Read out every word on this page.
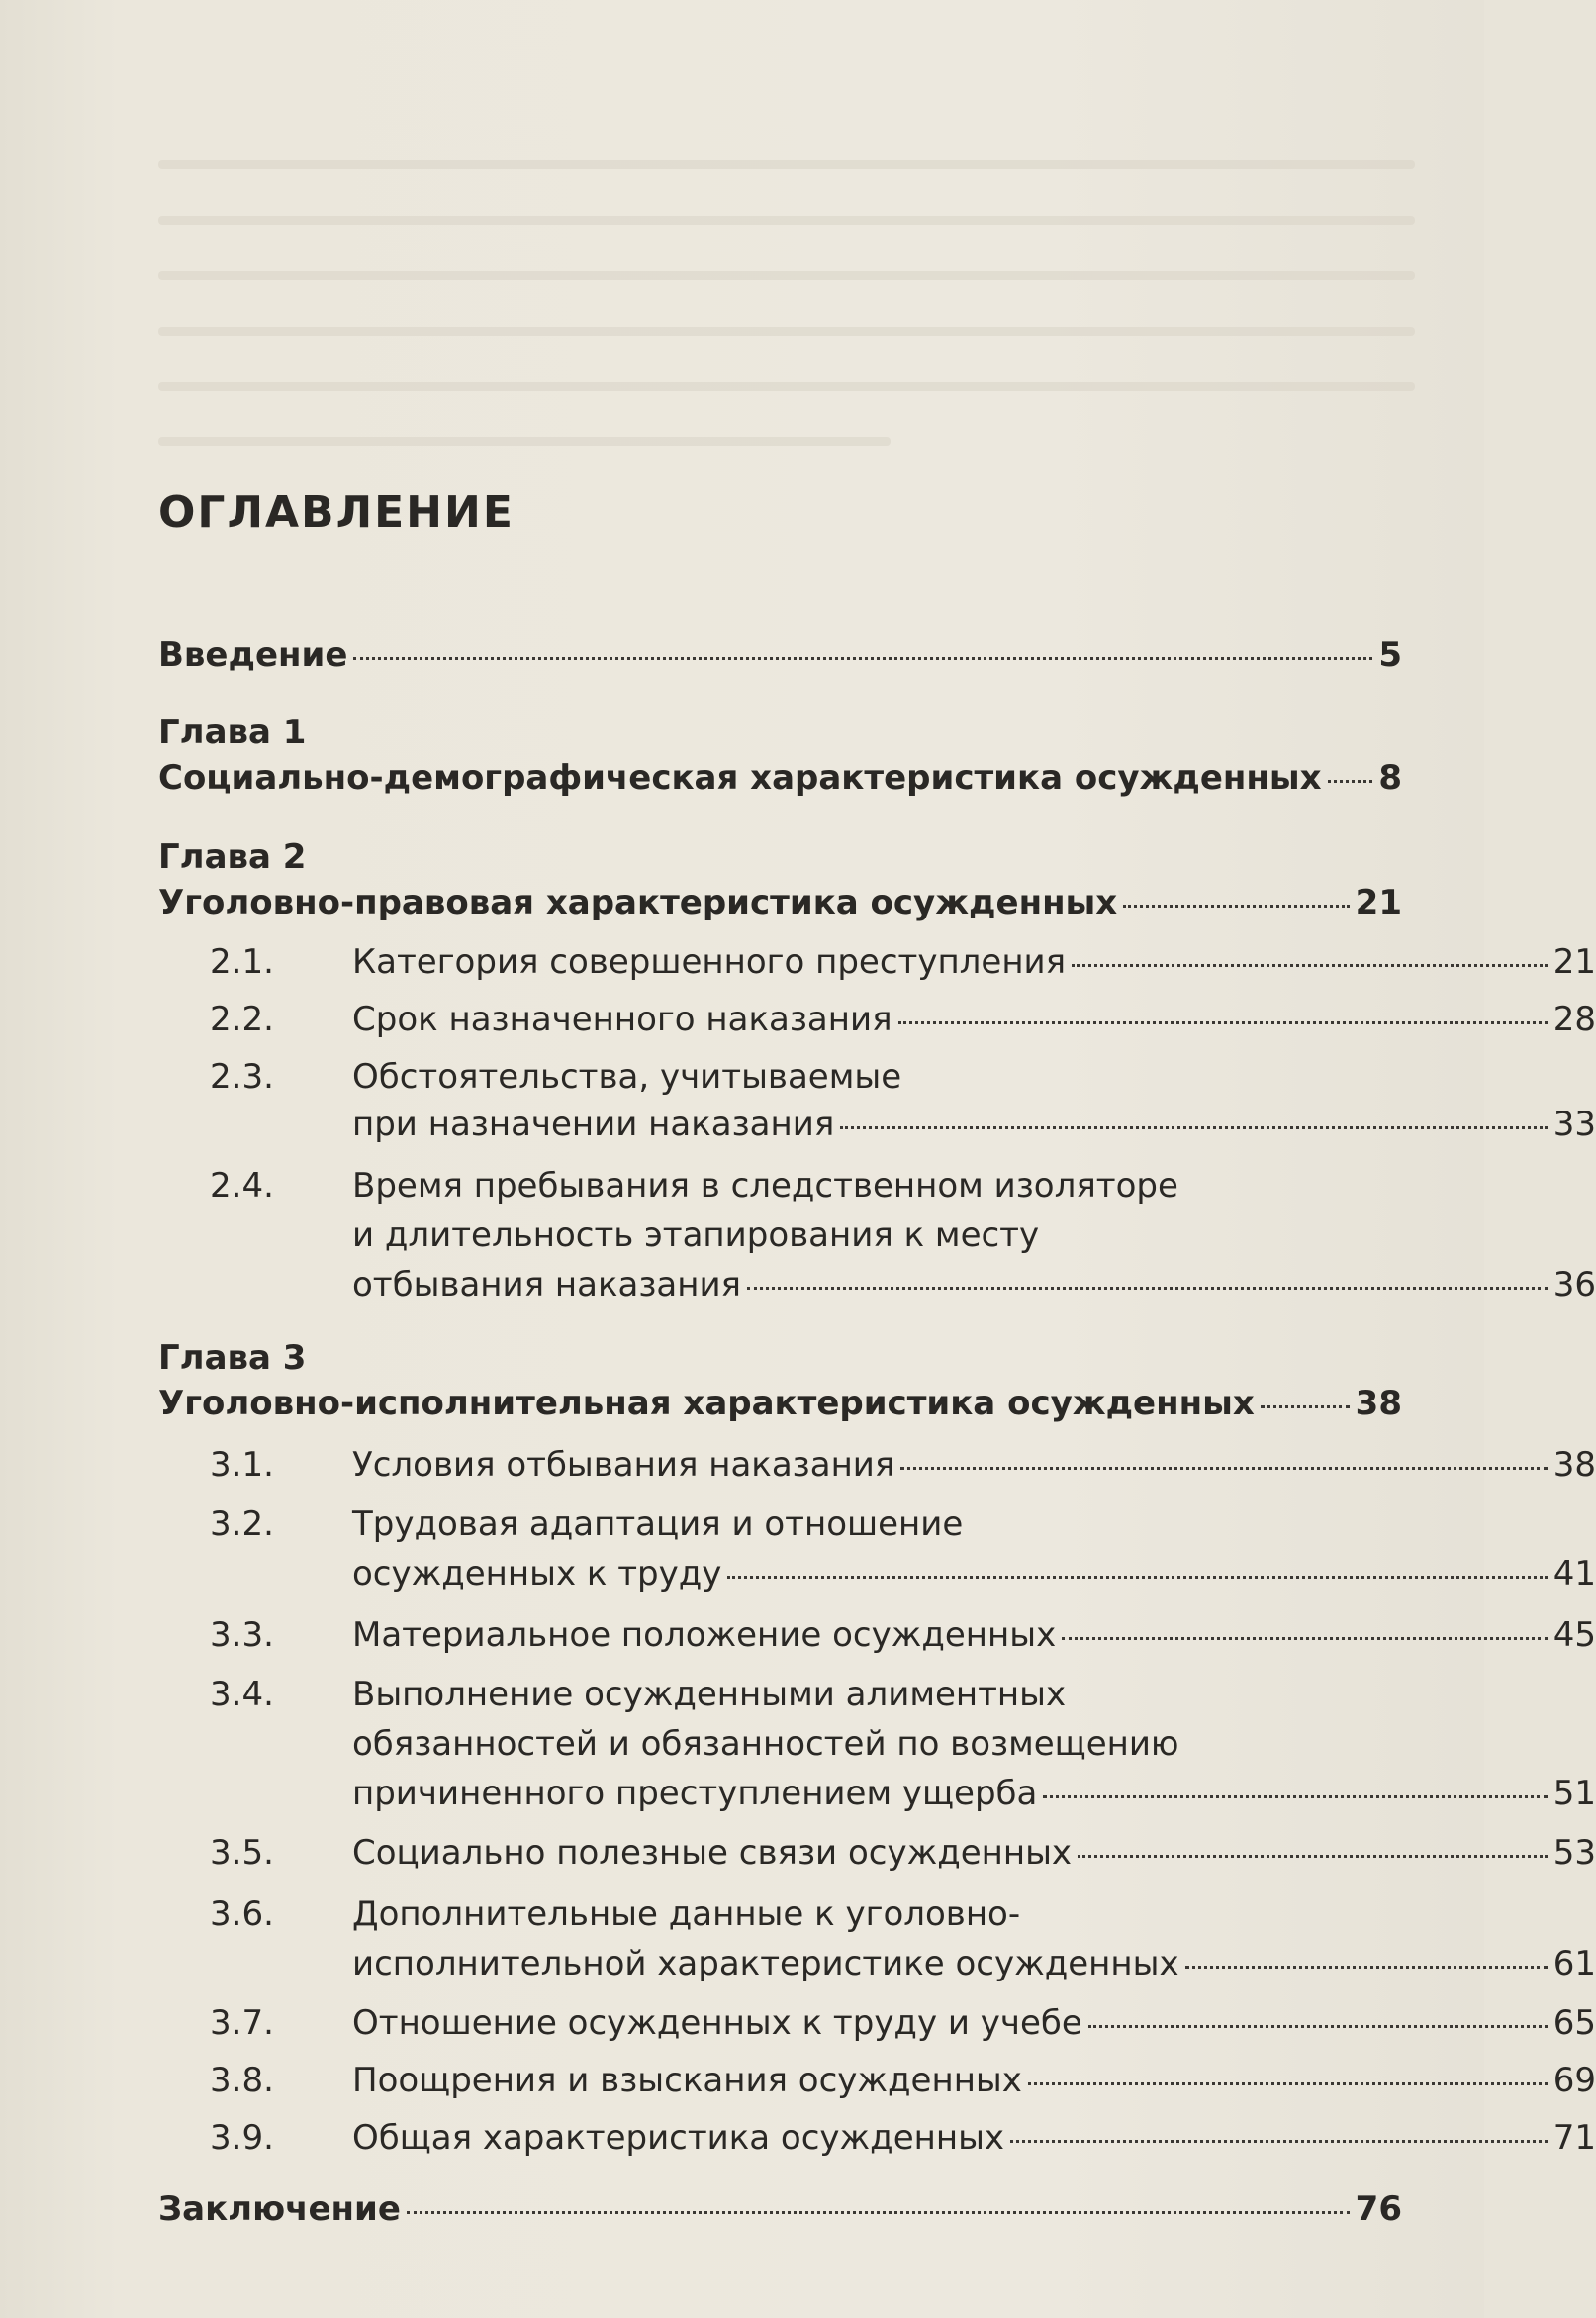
ОГЛАВЛЕНИЕ
Введение	5
Глава 1
Социально-демографическая характеристика осужденных 8
Глава 2
Уголовно-правовая характеристика осужденных	21
2.1. Категория совершенного преступления	21
2.2. Срок назначенного наказания	28
2.3. Обстоятельства, учитываемые
при назначении наказания	33
2.4. Время пребывания в следственном изоляторе
и длительность этапирования к месту
отбывания наказания	36
Глава 3
Уголовно-исполнительная характеристика осужденных	38
3.1. Условия отбывания наказания	38
3.2. Трудовая адаптация и отношение
осужденных к труду	41
3.3. Материальное положение осужденных	45
3.4. Выполнение осужденными алиментных
обязанностей и обязанностей по возмещению
причиненного преступлением ущерба	51
3.5. Социально полезные связи осужденных	53
3.6. Дополнительные данные к уголовно-
исполнительной характеристике осужденных	61
3.7. Отношение осужденных к труду и учебе	65
3.8. Поощрения и взыскания осужденных	69
3.9. Общая характеристика осужденных	71
Заключение	76
